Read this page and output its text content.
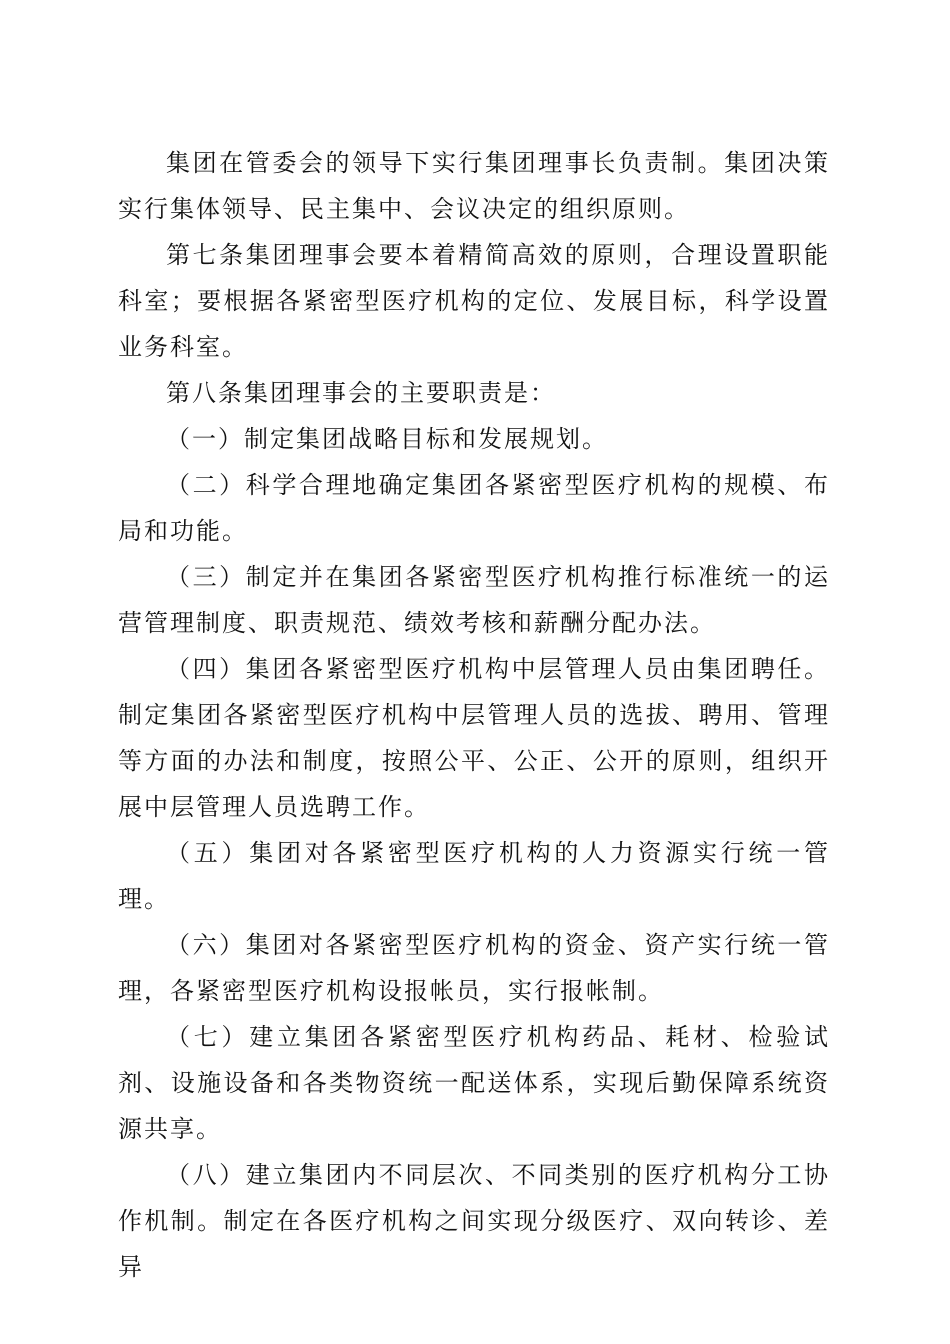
集团在管委会的领导下实行集团理事长负责制。集团决策实行集体领导、民主集中、会议决定的组织原则。

第七条集团理事会要本着精简高效的原则，合理设置职能科室；要根据各紧密型医疗机构的定位、发展目标，科学设置业务科室。

第八条集团理事会的主要职责是：

（一）制定集团战略目标和发展规划。

（二）科学合理地确定集团各紧密型医疗机构的规模、布局和功能。

（三）制定并在集团各紧密型医疗机构推行标准统一的运营管理制度、职责规范、绩效考核和薪酬分配办法。

（四）集团各紧密型医疗机构中层管理人员由集团聘任。制定集团各紧密型医疗机构中层管理人员的选拔、聘用、管理等方面的办法和制度，按照公平、公正、公开的原则，组织开展中层管理人员选聘工作。

（五）集团对各紧密型医疗机构的人力资源实行统一管理。

（六）集团对各紧密型医疗机构的资金、资产实行统一管理，各紧密型医疗机构设报帐员，实行报帐制。

（七）建立集团各紧密型医疗机构药品、耗材、检验试剂、设施设备和各类物资统一配送体系，实现后勤保障系统资源共享。

（八）建立集团内不同层次、不同类别的医疗机构分工协作机制。制定在各医疗机构之间实现分级医疗、双向转诊、差异
